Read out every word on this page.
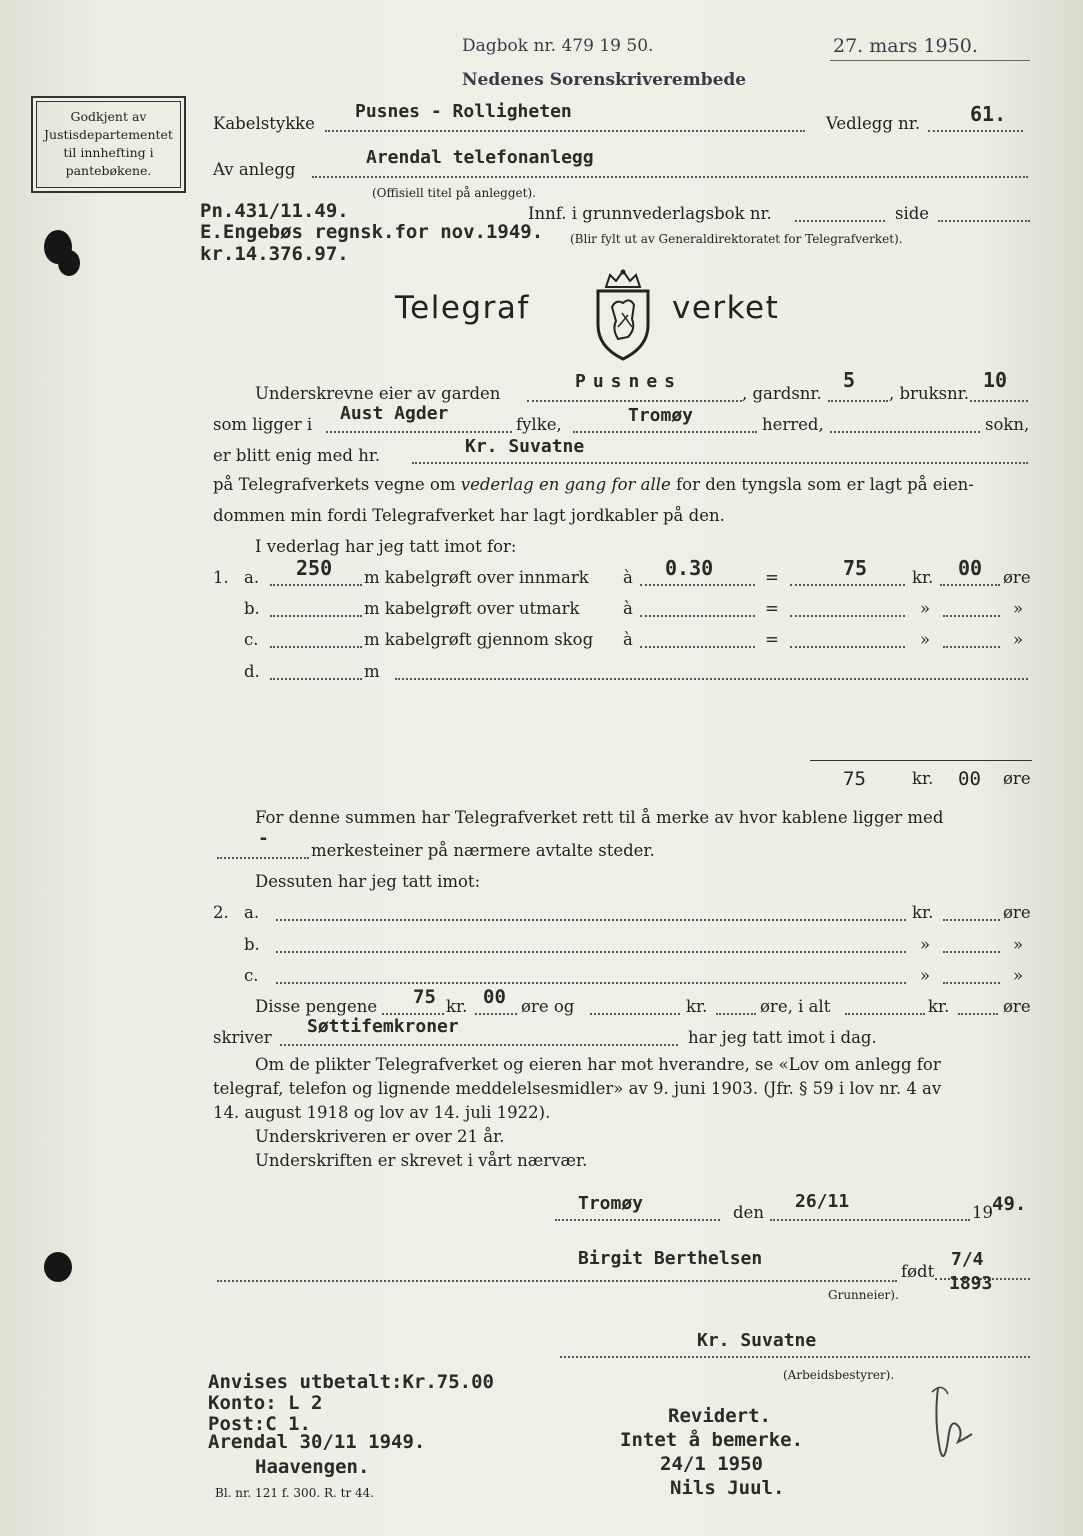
Dagbok nr. 479 19 50.	27. mars 1950.
Nedenes Sorenskriverembede
Godkjent av
Justisdepartementet
til innhefting i
pantebøkene.
Kabelstykke
Pusnes - Rolligheten
Vedlegg nr. 61.
Av anlegg
Arendal telefonanlegg
(Offisiell titel på anlegget).
Pn.431/11.49.
E.Engebøs regnsk.for nov.1949.
kr.14.376.97.
Innf. i grunnvederlagsbok nr.	side
(Blir fylt ut av Generaldirektoratet for Telegrafverket).
Telegraf	verket
Underskrevne eier av garden
Pusnes
, gardsnr.
5
, bruksnr.
10
som ligger i
Aust Agder
fylke,	Tromøy	herred,	sokn,
er blitt enig med hr.	Kr. Suvatne
på Telegrafverkets vegne om vederlag en gang for alle for den tyngsla som er lagt på eien-
dommen min fordi Telegrafverket har lagt jordkabler på den.
I vederlag har jeg tatt imot for:
1. a. 250 m kabelgrøft over innmark à 0.30	=	75	kr. 00 øre
b.	m kabelgrøft over utmark	à	=	»	»
c.	m kabelgrøft gjennom skog à	=	»	»
d.	m
75	kr. 00 øre
For denne summen har Telegrafverket rett til å merke av hvor kablene ligger med
-
merkesteiner på nærmere avtalte steder.
Dessuten har jeg tatt imot:
2. a.	kr.	øre
b.	»	»
c.	»	»
Disse pengene 75 kr. 00 øre og	kr.	øre, i alt	kr.	øre
skriver
Søttifemkroner
har jeg tatt imot i dag.
Om de plikter Telegrafverket og eieren har mot hverandre, se «Lov om anlegg for
telegraf, telefon og lignende meddelelsesmidler» av 9. juni 1903. (Jfr. § 59 i lov nr. 4 av
14. august 1918 og lov av 14. juli 1922).
Underskriveren er over 21 år.
Underskriften er skrevet i vårt nærvær.
Tromøy	den
26/11
19 49.
Birgit Berthelsen
født
7/4
1893
Grunneier).
Kr. Suvatne
(Arbeidsbestyrer).
Anvises utbetalt:Kr.75.00
Konto: L 2
Post:C 1.
Arendal 30/11 1949.
Haavengen.
Revidert.
Intet å bemerke.
24/1 1950
Nils Juul.
Bl. nr. 121 f. 300. R. tr 44.
